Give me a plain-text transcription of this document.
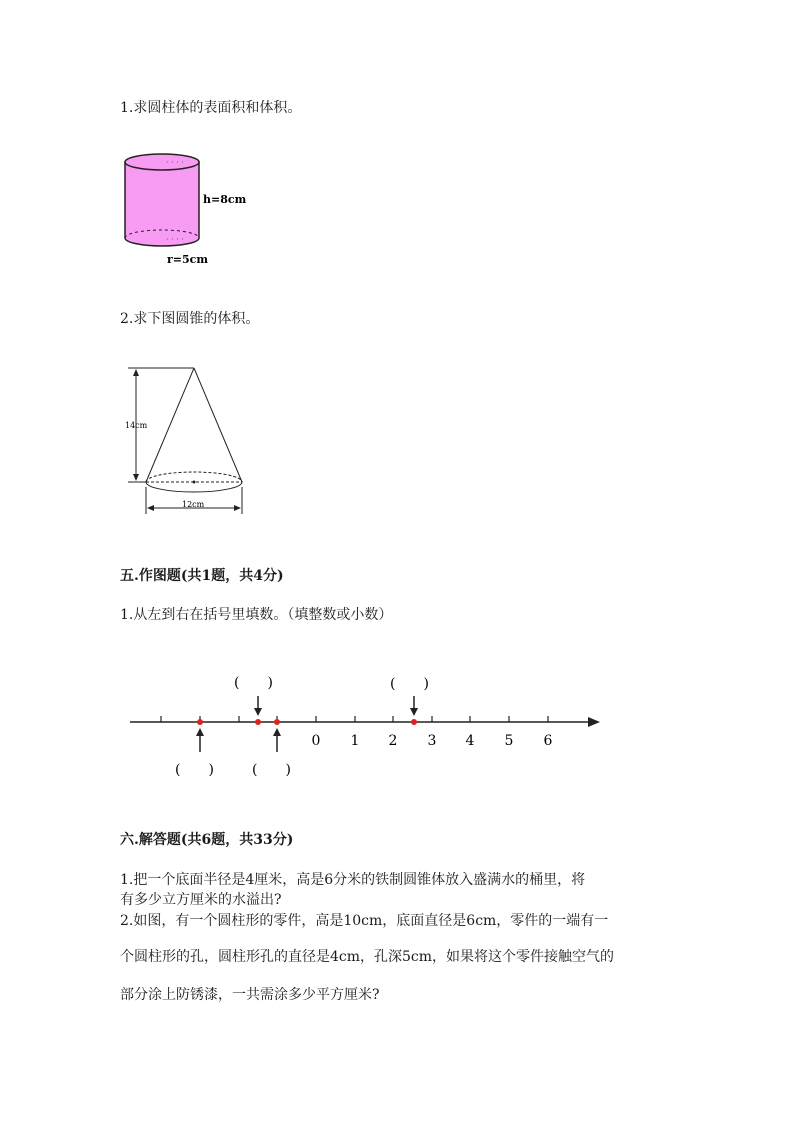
1.求圆柱体的表面积和体积。
· · · ·
· · · ·
h=8cm
r=5cm
2.求下图圆锥的体积。
14cm
12cm
五.作图题(共1题，共4分)
1.从左到右在括号里填数。（填整数或小数）
0 1 2 3 4 5 6
(　　)	(　　)
(　　)	(　　)
六.解答题(共6题，共33分)
1.把一个底面半径是4厘米，高是6分米的铁制圆锥体放入盛满水的桶里，将
有多少立方厘米的水溢出?
2.如图，有一个圆柱形的零件，高是10cm，底面直径是6cm，零件的一端有一
个圆柱形的孔，圆柱形孔的直径是4cm，孔深5cm，如果将这个零件接触空气的
部分涂上防锈漆，一共需涂多少平方厘米?
